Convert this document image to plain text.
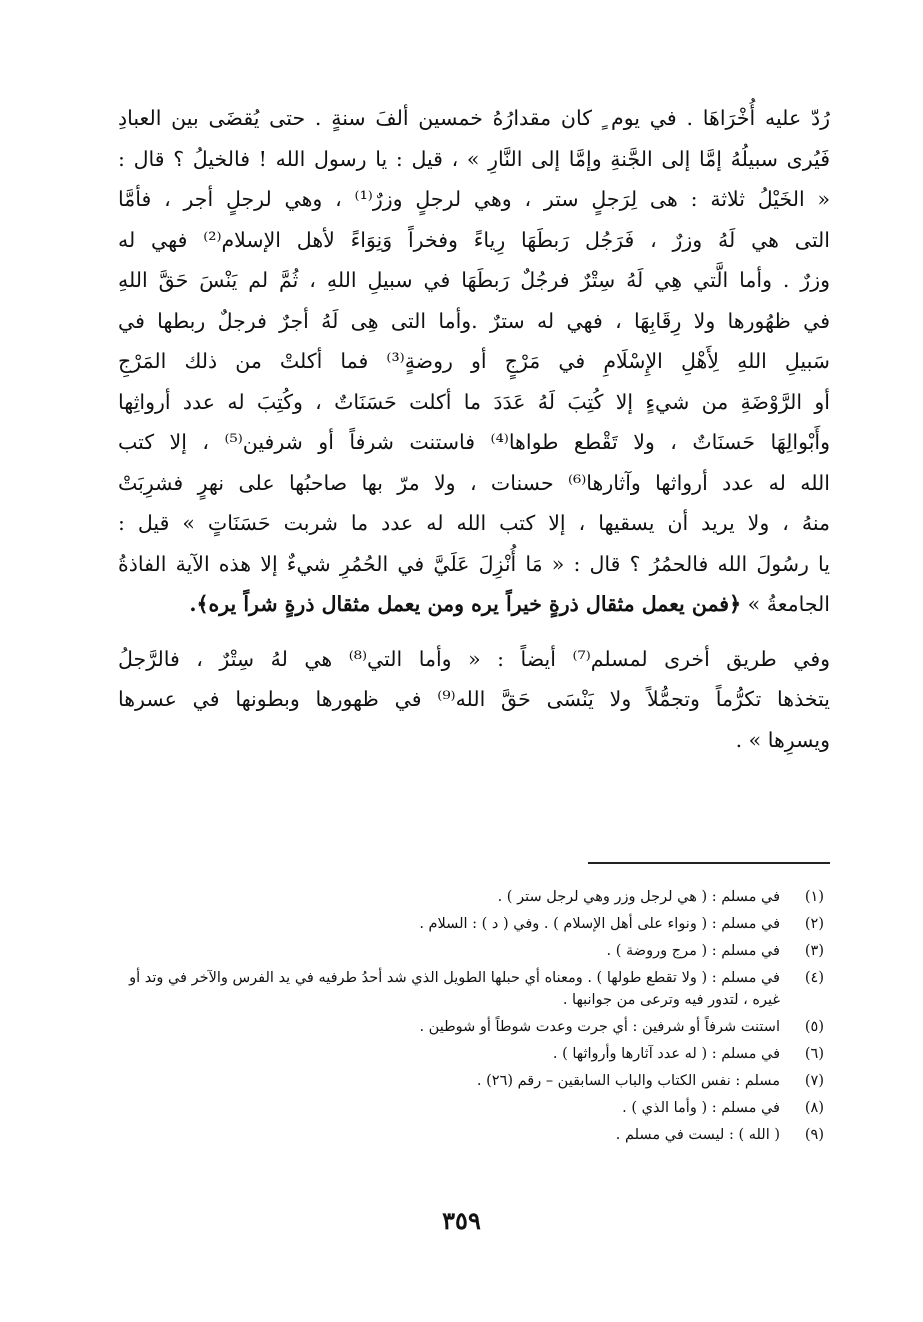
رُدّ عليه أُخْرَاهَا . في يوم ٍ كان مقدارُهُ خمسين ألفَ سنةٍ . حتى يُقضَى بين العبادِ
فَيُرى سبيلُهُ إمَّا إلى الجَّنةِ وإمَّا إلى النَّارِ » ، قيل : يا رسول الله ! فالخيلُ ؟ قال :
« الخَيْلُ ثلاثة : هى لِرَجلٍ ستر ، وهي لرجلٍ وزرٌ⁽¹⁾ ، وهي لرجلٍ أجر ، فأمَّا
التى هي لَهُ وزرٌ ، فَرَجُل رَبطَهَا رِياءً وفخراً وَنِوَاءً لأهل الإسلام⁽²⁾ فهي له
وزرٌ . وأما الَّتي هِي لَهُ سِتْرٌ فرجُلٌ رَبطَهَا في سبيلِ اللهِ ، ثُمَّ لم يَنْسَ حَقَّ اللهِ
في ظهُورها ولا رِقَابِهَا ، فهي له سترٌ .وأما التى هِى لَهُ أجرٌ فرجلٌ ربطها في
سَبيلِ اللهِ لِأَهْلِ الإِسْلَامِ في مَرْجٍ أو روضةٍ⁽³⁾ فما أكلتْ من ذلك المَرْجِ
أو الرَّوْضَةِ من شيءٍ إلا كُتِبَ لَهُ عَدَدَ ما أكلت حَسَنَاتٌ ، وكُتِبَ له عدد أرواثِها
وأَبْوالِهَا حَسنَاتٌ ، ولا تَقْطع طواها⁽⁴⁾ فاستنت شرفاً أو شرفين⁽⁵⁾ ، إلا كتب
الله له عدد أرواثها وآثارها⁽⁶⁾ حسنات ، ولا مرّ بها صاحبُها على نهرٍ فشرِبَتْ
منهُ ، ولا يريد أن يسقيها ، إلا كتب الله له عدد ما شربت حَسَنَاتٍ » قيل :
يا رسُولَ الله فالحمُرُ ؟ قال : « مَا أُنْزِلَ عَلَيَّ في الحُمُرِ شيءٌ إلا هذه الآية الفاذةُ
الجامعةُ » ﴿فمن يعمل مثقال ذرةٍ خيراً يره ومن يعمل مثقال ذرةٍ شراً يره﴾.
وفي طريق أخرى لمسلم⁽⁷⁾ أيضاً : « وأما التي⁽⁸⁾ هي لهُ سِتْرٌ ، فالرَّجلُ
يتخذها تكرُّماً وتجمُّلاً ولا يَنْسَى حَقَّ الله⁽⁹⁾ في ظهورها وبطونها في عسرها
ويسرِها » .
(١)
في مسلم : ( هي لرجل وزر وهي لرجل ستر ) .
(٢)
في مسلم : ( ونواء على أهل الإسلام ) . وفي ( د ) : السلام .
(٣)
في مسلم : ( مرج وروضة ) .
(٤)
في مسلم : ( ولا تقطع طولها ) . ومعناه أي حبلها الطويل الذي شد أحدُ طرفيه في يد الفرس والآخر في وتد أو غيره ، لتدور فيه وترعى من جوانبها .
(٥)
استنت شرفاً أو شرفين : أي جرت وعدت شوطاً أو شوطين .
(٦)
في مسلم : ( له عدد آثارها وأرواثها ) .
(٧)
مسلم : نفس الكتاب والباب السابقين – رقم (٢٦) .
(٨)
في مسلم : ( وأما الذي ) .
(٩)
( الله ) : ليست في مسلم .
٣٥٩
